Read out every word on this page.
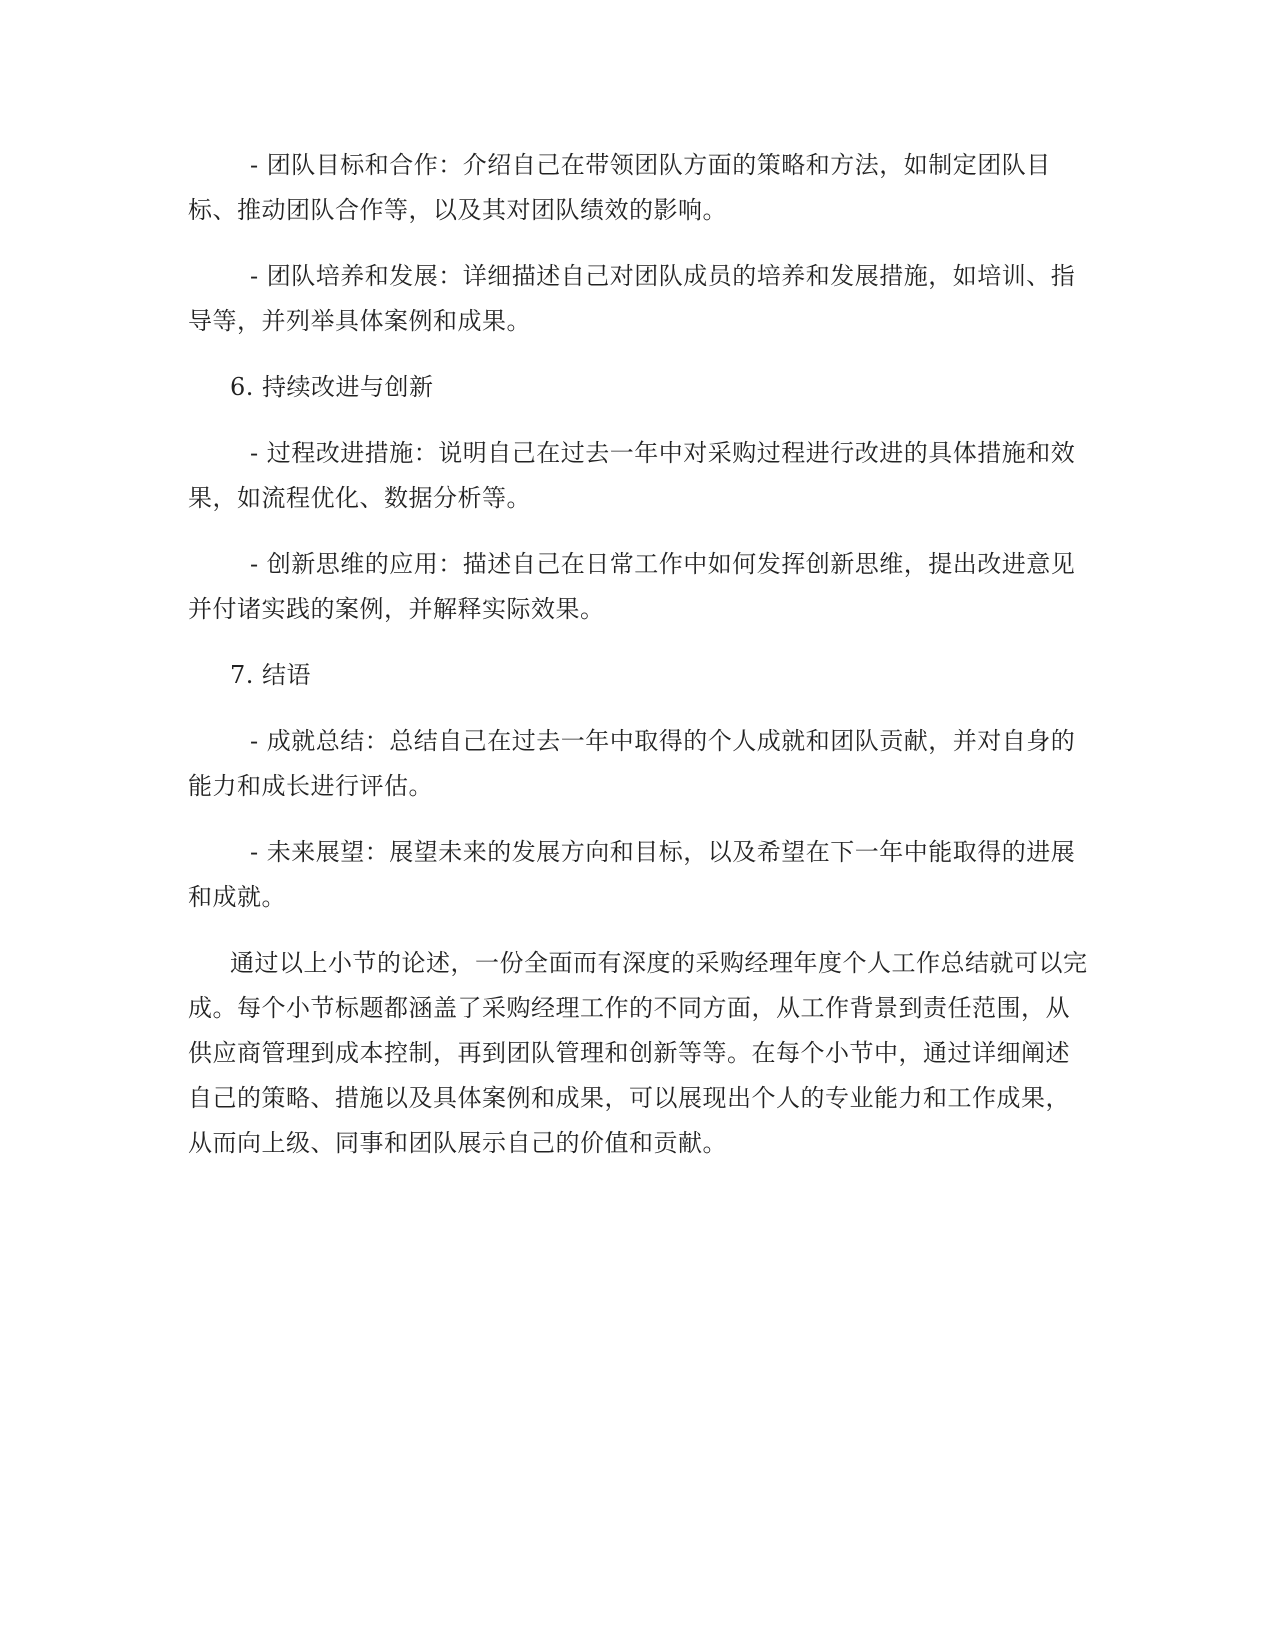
- 团队目标和合作：介绍自己在带领团队方面的策略和方法，如制定团队目标、推动团队合作等，以及其对团队绩效的影响。

- 团队培养和发展：详细描述自己对团队成员的培养和发展措施，如培训、指导等，并列举具体案例和成果。

6. 持续改进与创新

- 过程改进措施：说明自己在过去一年中对采购过程进行改进的具体措施和效果，如流程优化、数据分析等。

- 创新思维的应用：描述自己在日常工作中如何发挥创新思维，提出改进意见并付诸实践的案例，并解释实际效果。

7. 结语

- 成就总结：总结自己在过去一年中取得的个人成就和团队贡献，并对自身的能力和成长进行评估。

- 未来展望：展望未来的发展方向和目标，以及希望在下一年中能取得的进展和成就。

通过以上小节的论述，一份全面而有深度的采购经理年度个人工作总结就可以完成。每个小节标题都涵盖了采购经理工作的不同方面，从工作背景到责任范围，从供应商管理到成本控制，再到团队管理和创新等等。在每个小节中，通过详细阐述自己的策略、措施以及具体案例和成果，可以展现出个人的专业能力和工作成果，从而向上级、同事和团队展示自己的价值和贡献。
